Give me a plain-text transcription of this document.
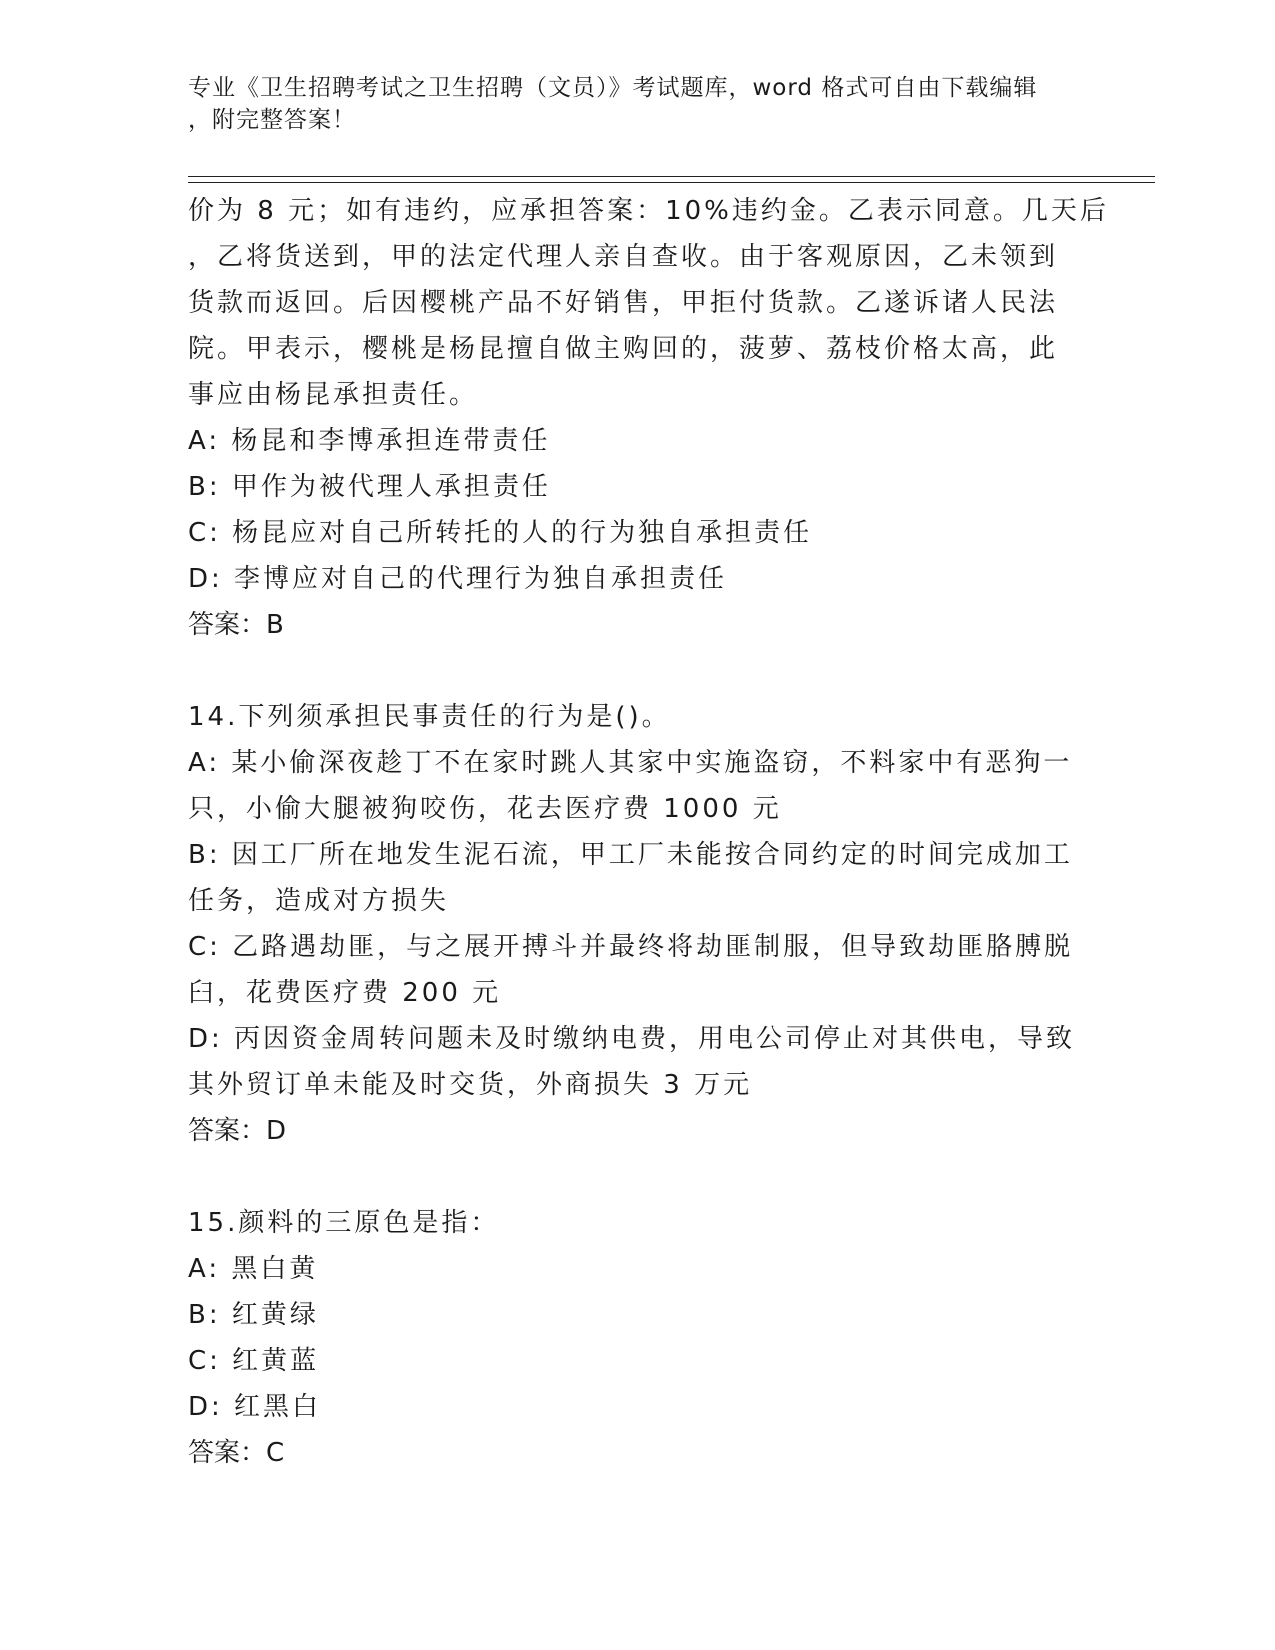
专业《卫生招聘考试之卫生招聘（文员）》考试题库，word 格式可自由下载编辑
，附完整答案！
价为 8 元；如有违约，应承担答案：10%违约金。乙表示同意。几天后
，乙将货送到，甲的法定代理人亲自查收。由于客观原因，乙未领到
货款而返回。后因樱桃产品不好销售，甲拒付货款。乙遂诉诸人民法
院。甲表示，樱桃是杨昆擅自做主购回的，菠萝、荔枝价格太高，此
事应由杨昆承担责任。
A: 杨昆和李博承担连带责任
B: 甲作为被代理人承担责任
C: 杨昆应对自己所转托的人的行为独自承担责任
D: 李博应对自己的代理行为独自承担责任
答案：B
14.下列须承担民事责任的行为是()。
A: 某小偷深夜趁丁不在家时跳人其家中实施盗窃，不料家中有恶狗一
只，小偷大腿被狗咬伤，花去医疗费 1000 元
B: 因工厂所在地发生泥石流，甲工厂未能按合同约定的时间完成加工
任务，造成对方损失
C: 乙路遇劫匪，与之展开搏斗并最终将劫匪制服，但导致劫匪胳膊脱
臼，花费医疗费 200 元
D: 丙因资金周转问题未及时缴纳电费，用电公司停止对其供电，导致
其外贸订单未能及时交货，外商损失 3 万元
答案：D
15.颜料的三原色是指：
A: 黑白黄
B: 红黄绿
C: 红黄蓝
D: 红黑白
答案：C
